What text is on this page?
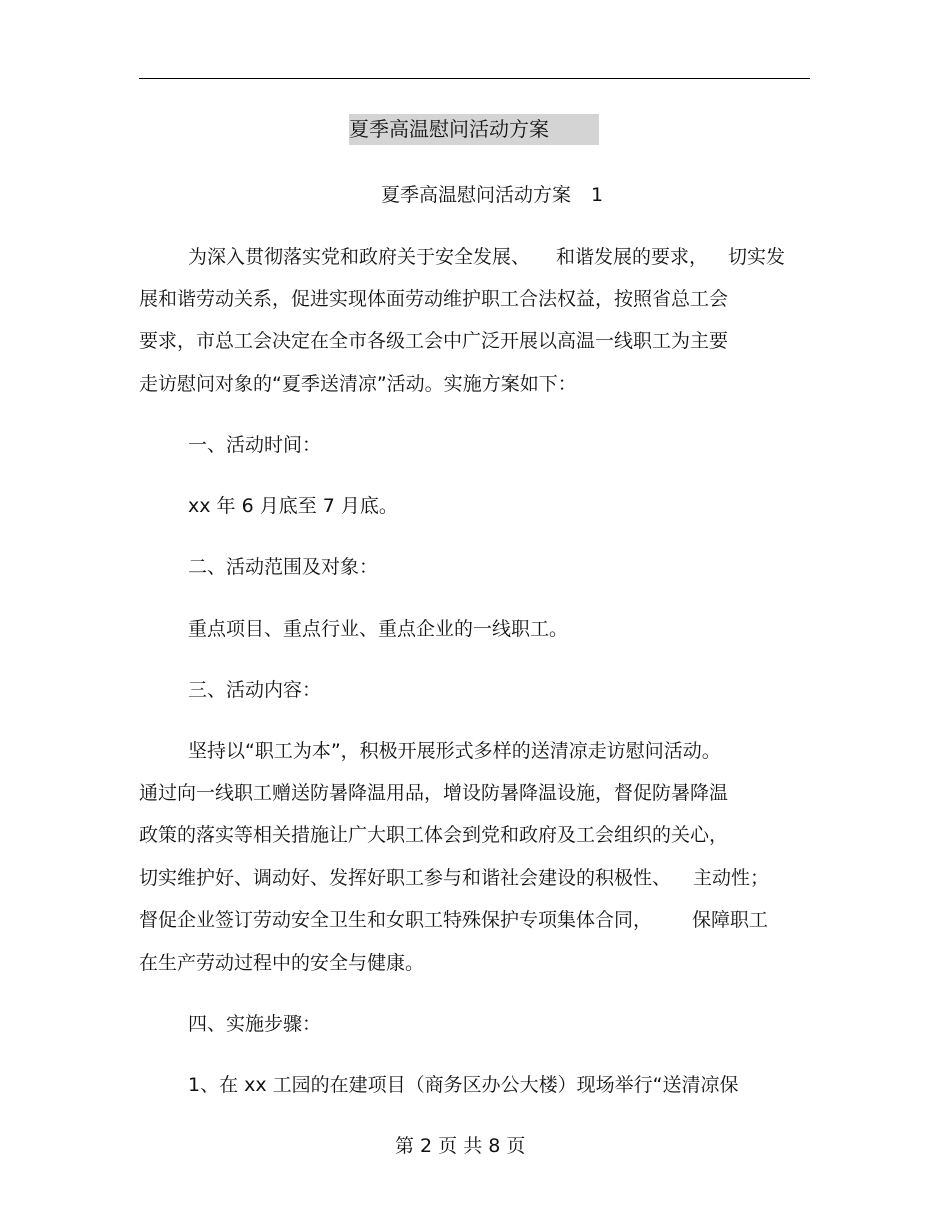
夏季高温慰问活动方案
夏季高温慰问活动方案 1
为深入贯彻落实党和政府关于安全发展、 和谐发展的要求， 切实发
展和谐劳动关系，促进实现体面劳动维护职工合法权益，按照省总工会
要求，市总工会决定在全市各级工会中广泛开展以高温一线职工为主要
走访慰问对象的“夏季送清凉”活动。实施方案如下：
一、活动时间：
xx 年 6 月底至 7 月底。
二、活动范围及对象：
重点项目、重点行业、重点企业的一线职工。
三、活动内容：
坚持以“职工为本”，积极开展形式多样的送清凉走访慰问活动。
通过向一线职工赠送防暑降温用品，增设防暑降温设施，督促防暑降温
政策的落实等相关措施让广大职工体会到党和政府及工会组织的关心，
切实维护好、调动好、发挥好职工参与和谐社会建设的积极性、 主动性；
督促企业签订劳动安全卫生和女职工特殊保护专项集体合同， 保障职工
在生产劳动过程中的安全与健康。
四、实施步骤：
1、在 xx 工园的在建项目（商务区办公大楼）现场举行“送清凉保
第 2 页 共 8 页
